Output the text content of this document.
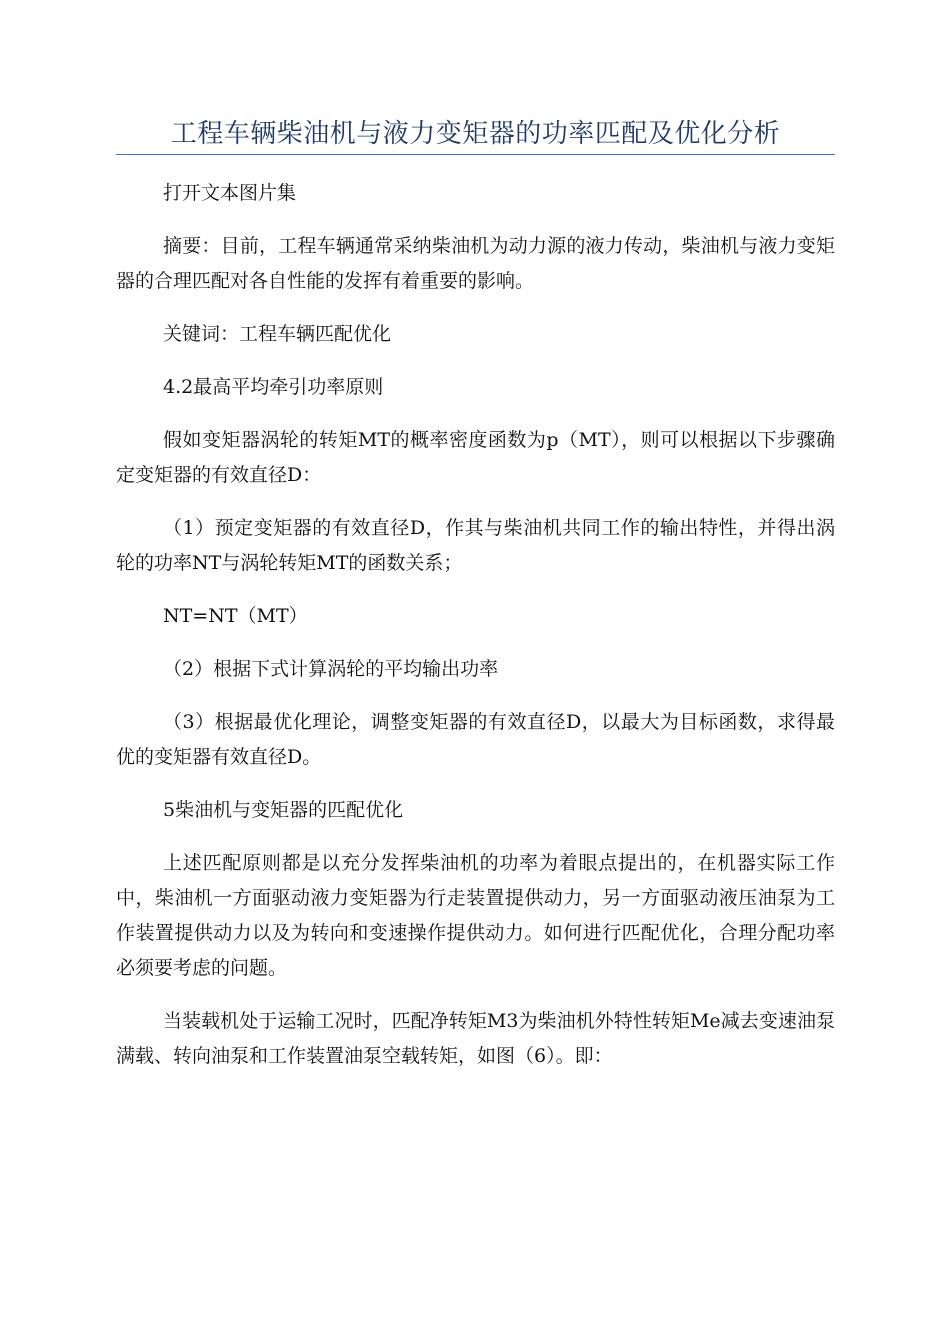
工程车辆柴油机与液力变矩器的功率匹配及优化分析

打开文本图片集

摘要：目前，工程车辆通常采纳柴油机为动力源的液力传动，柴油机与液力变矩器的合理匹配对各自性能的发挥有着重要的影响。

关键词：工程车辆匹配优化

4.2最高平均牵引功率原则

假如变矩器涡轮的转矩MT的概率密度函数为p（MT），则可以根据以下步骤确定变矩器的有效直径D：

（1）预定变矩器的有效直径D，作其与柴油机共同工作的输出特性，并得出涡轮的功率NT与涡轮转矩MT的函数关系；

NT=NT（MT）

（2）根据下式计算涡轮的平均输出功率

（3）根据最优化理论，调整变矩器的有效直径D，以最大为目标函数，求得最优的变矩器有效直径D。

5柴油机与变矩器的匹配优化

上述匹配原则都是以充分发挥柴油机的功率为着眼点提出的，在机器实际工作中，柴油机一方面驱动液力变矩器为行走装置提供动力，另一方面驱动液压油泵为工作装置提供动力以及为转向和变速操作提供动力。如何进行匹配优化，合理分配功率必须要考虑的问题。

当装载机处于运输工况时，匹配净转矩M3为柴油机外特性转矩Me减去变速油泵满载、转向油泵和工作装置油泵空载转矩，如图（6）。即：
